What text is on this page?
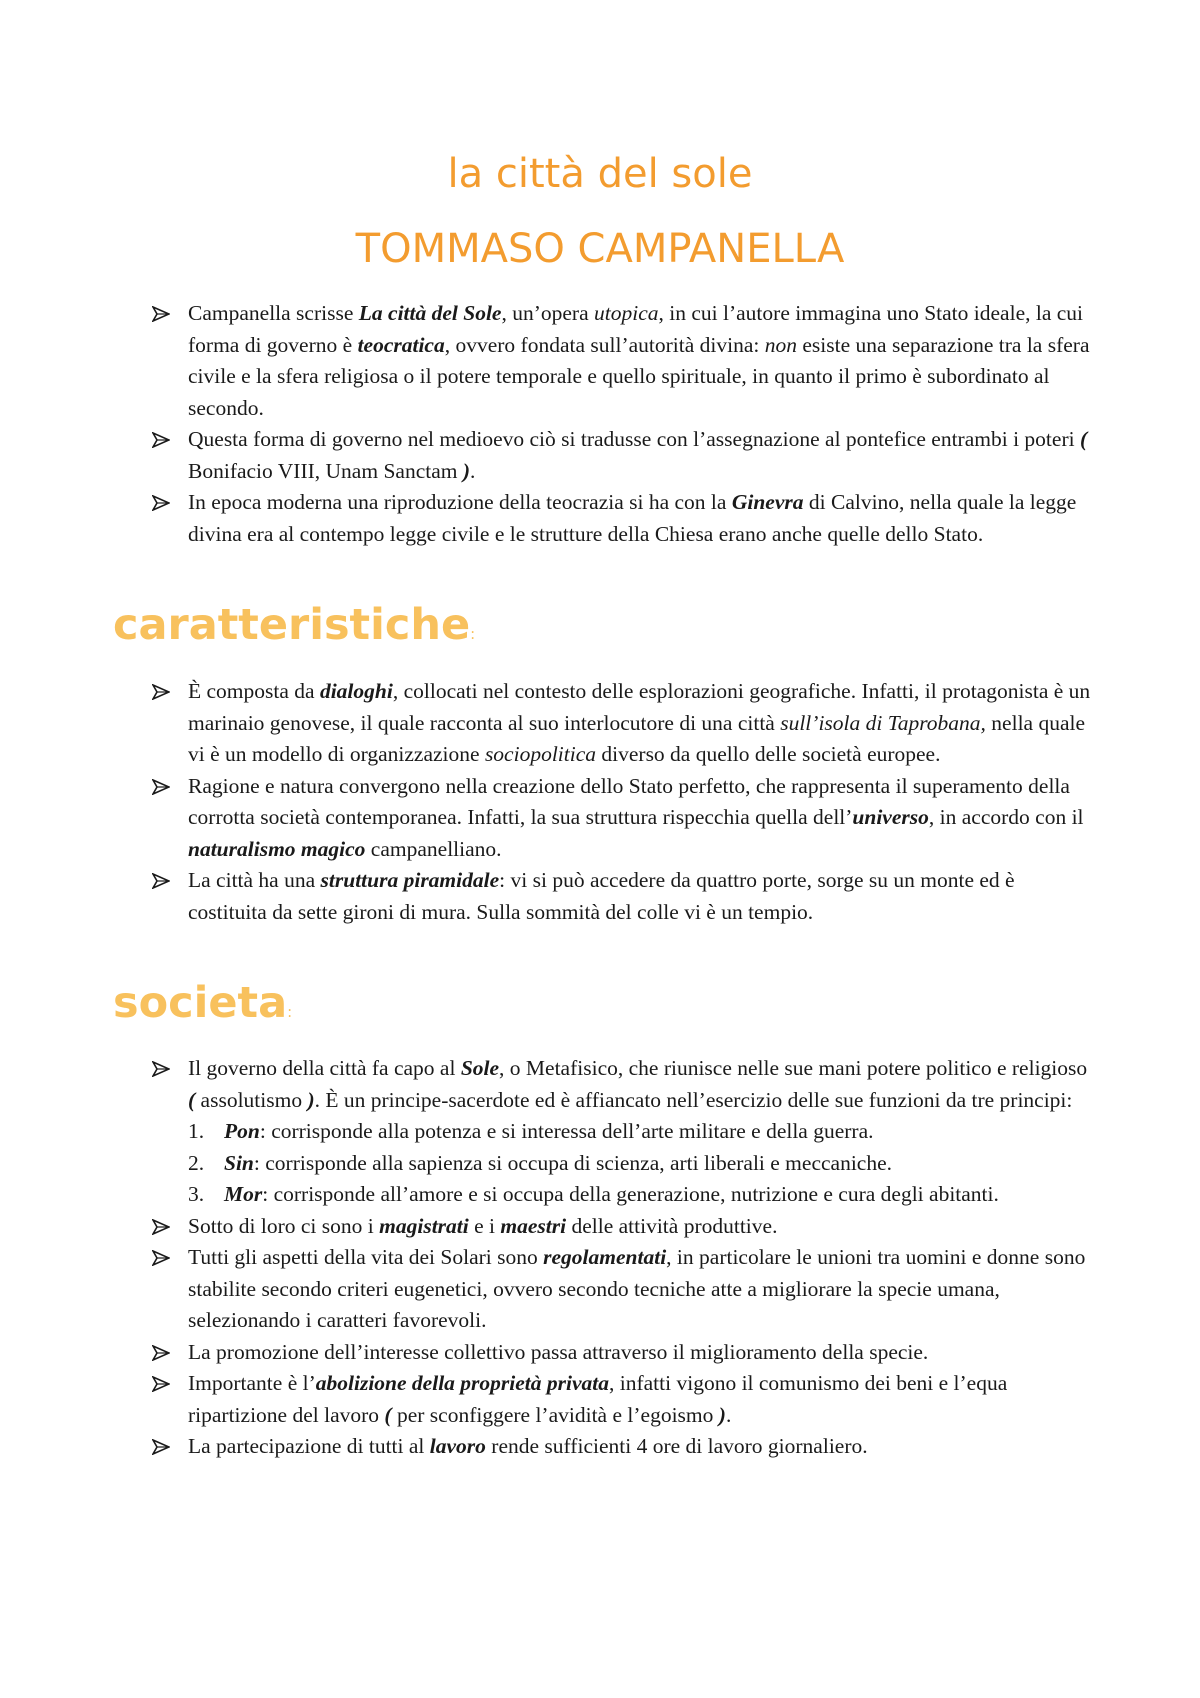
la città del sole
TOMMASO CAMPANELLA

Campanella scrisse La città del Sole, un’opera utopica, in cui l’autore immagina uno Stato ideale, la cui forma di governo è teocratica, ovvero fondata sull’autorità divina: non esiste una separazione tra la sfera civile e la sfera religiosa o il potere temporale e quello spirituale, in quanto il primo è subordinato al secondo.

Questa forma di governo nel medioevo ciò si tradusse con l’assegnazione al pontefice entrambi i poteri ( Bonifacio VIII, Unam Sanctam ).

In epoca moderna una riproduzione della teocrazia si ha con la Ginevra di Calvino, nella quale la legge divina era al contempo legge civile e le strutture della Chiesa erano anche quelle dello Stato.

caratteristiche:

È composta da dialoghi, collocati nel contesto delle esplorazioni geografiche. Infatti, il protagonista è un marinaio genovese, il quale racconta al suo interlocutore di una città sull’isola di Taprobana, nella quale vi è un modello di organizzazione sociopolitica diverso da quello delle società europee.

Ragione e natura convergono nella creazione dello Stato perfetto, che rappresenta il superamento della corrotta società contemporanea. Infatti, la sua struttura rispecchia quella dell’universo, in accordo con il naturalismo magico campanelliano.

La città ha una struttura piramidale: vi si può accedere da quattro porte, sorge su un monte ed è costituita da sette gironi di mura. Sulla sommità del colle vi è un tempio.

societa:

Il governo della città fa capo al Sole, o Metafisico, che riunisce nelle sue mani potere politico e religioso ( assolutismo ). È un principe-sacerdote ed è affiancato nell’esercizio delle sue funzioni da tre principi:

1. Pon: corrisponde alla potenza e si interessa dell’arte militare e della guerra.

2. Sin: corrisponde alla sapienza si occupa di scienza, arti liberali e meccaniche.

3. Mor: corrisponde all’amore e si occupa della generazione, nutrizione e cura degli abitanti.

Sotto di loro ci sono i magistrati e i maestri delle attività produttive.

Tutti gli aspetti della vita dei Solari sono regolamentati, in particolare le unioni tra uomini e donne sono stabilite secondo criteri eugenetici, ovvero secondo tecniche atte a migliorare la specie umana, selezionando i caratteri favorevoli.

La promozione dell’interesse collettivo passa attraverso il miglioramento della specie.

Importante è l’abolizione della proprietà privata, infatti vigono il comunismo dei beni e l’equa ripartizione del lavoro ( per sconfiggere l’avidità e l’egoismo ).

La partecipazione di tutti al lavoro rende sufficienti 4 ore di lavoro giornaliero.
